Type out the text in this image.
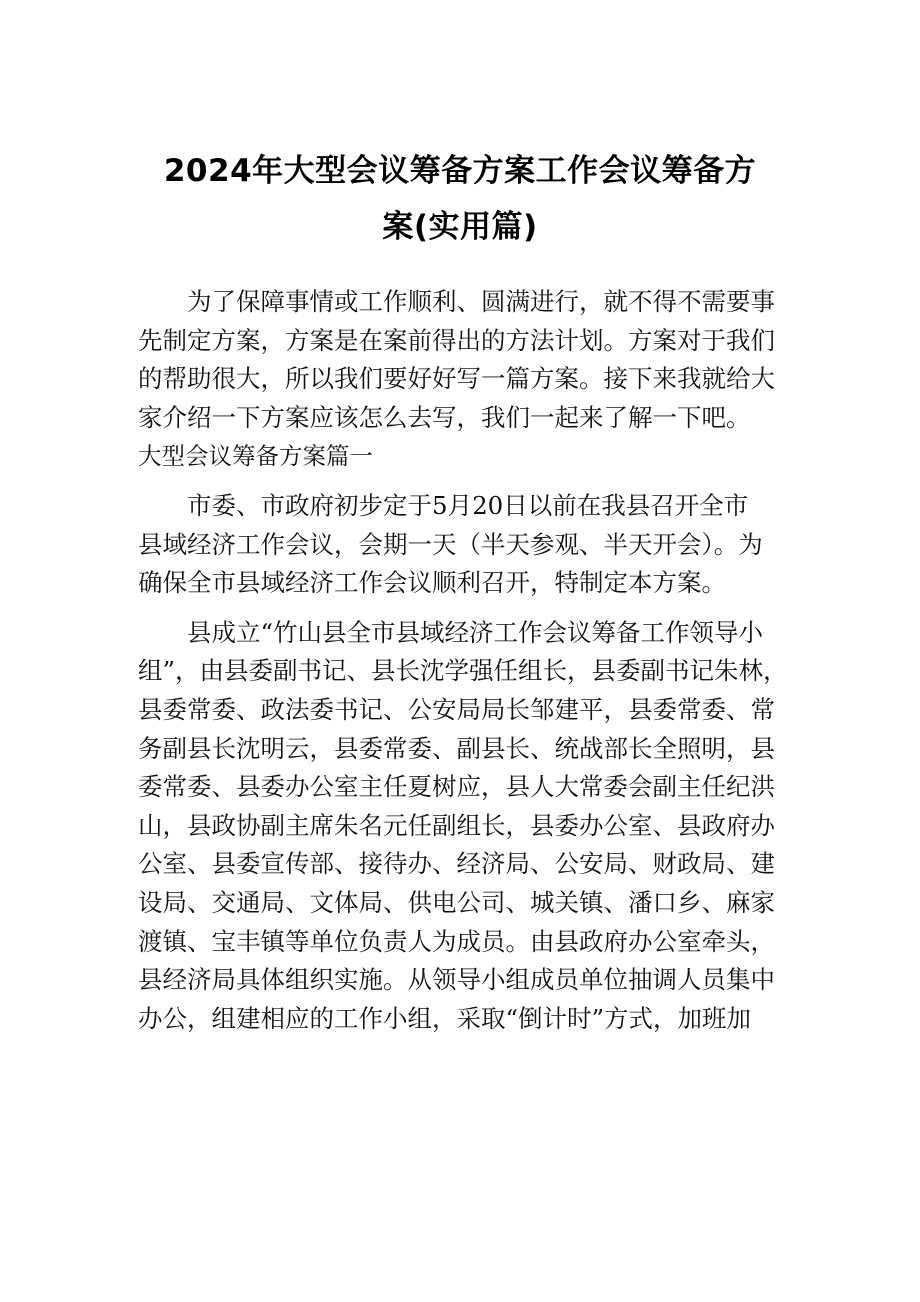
2024年大型会议筹备方案工作会议筹备方
案(实用篇)
为了保障事情或工作顺利、圆满进行，就不得不需要事
先制定方案，方案是在案前得出的方法计划。方案对于我们
的帮助很大，所以我们要好好写一篇方案。接下来我就给大
家介绍一下方案应该怎么去写，我们一起来了解一下吧。
大型会议筹备方案篇一
市委、市政府初步定于5月20日以前在我县召开全市
县域经济工作会议，会期一天（半天参观、半天开会）。为
确保全市县域经济工作会议顺利召开，特制定本方案。
县成立“竹山县全市县域经济工作会议筹备工作领导小
组”，由县委副书记、县长沈学强任组长，县委副书记朱林，
县委常委、政法委书记、公安局局长邹建平，县委常委、常
务副县长沈明云，县委常委、副县长、统战部长全照明，县
委常委、县委办公室主任夏树应，县人大常委会副主任纪洪
山，县政协副主席朱名元任副组长，县委办公室、县政府办
公室、县委宣传部、接待办、经济局、公安局、财政局、建
设局、交通局、文体局、供电公司、城关镇、潘口乡、麻家
渡镇、宝丰镇等单位负责人为成员。由县政府办公室牵头，
县经济局具体组织实施。从领导小组成员单位抽调人员集中
办公，组建相应的工作小组，采取“倒计时”方式，加班加
